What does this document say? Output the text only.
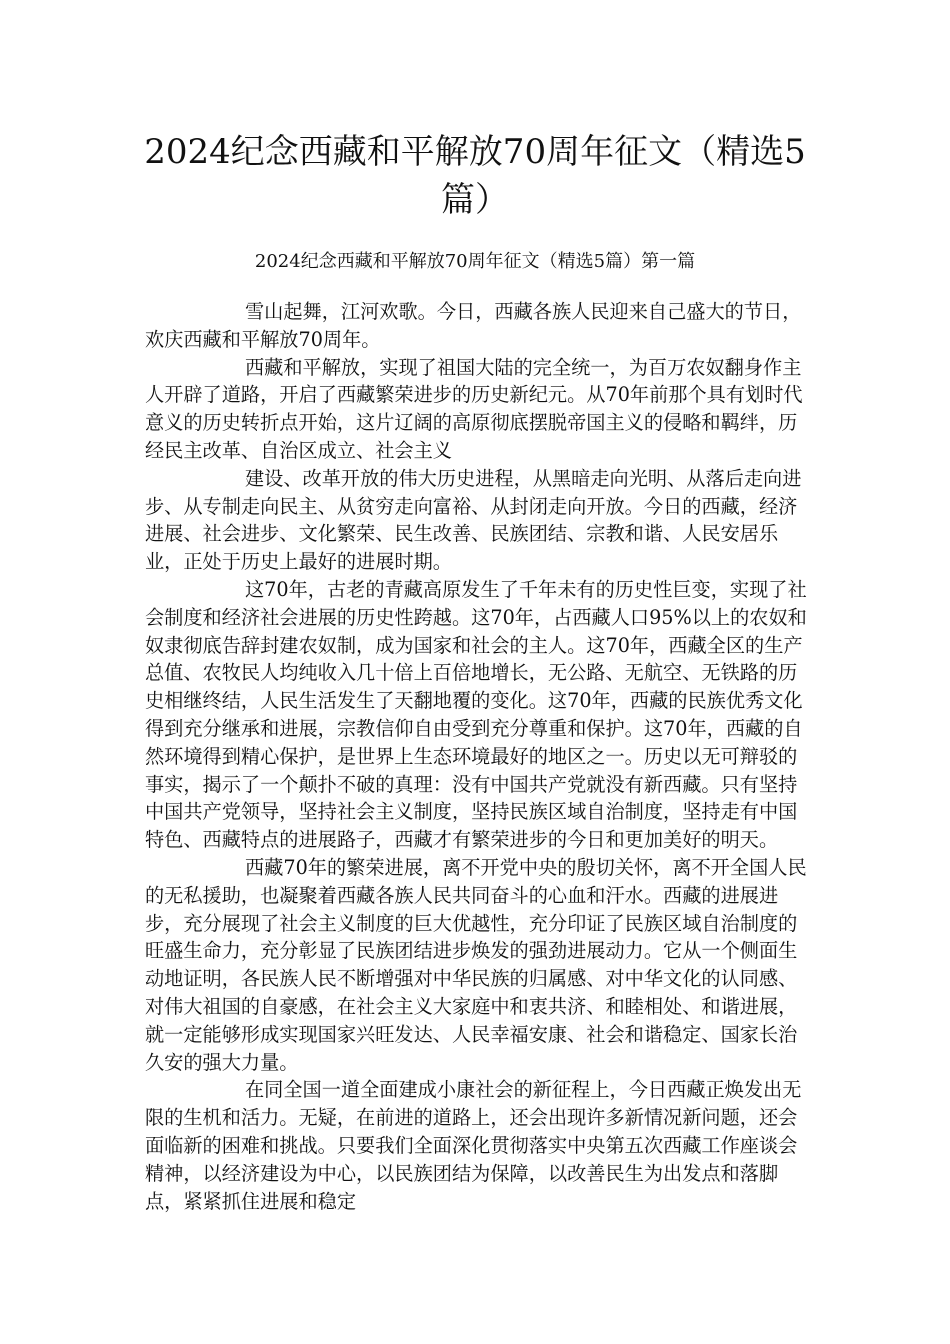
2024纪念西藏和平解放70周年征文（精选5篇）
2024纪念西藏和平解放70周年征文（精选5篇）第一篇

雪山起舞，江河欢歌。今日，西藏各族人民迎来自己盛大的节日，欢庆西藏和平解放70周年。

西藏和平解放，实现了祖国大陆的完全统一，为百万农奴翻身作主人开辟了道路，开启了西藏繁荣进步的历史新纪元。从70年前那个具有划时代意义的历史转折点开始，这片辽阔的高原彻底摆脱帝国主义的侵略和羁绊，历经民主改革、自治区成立、社会主义

建设、改革开放的伟大历史进程，从黑暗走向光明、从落后走向进步、从专制走向民主、从贫穷走向富裕、从封闭走向开放。今日的西藏，经济进展、社会进步、文化繁荣、民生改善、民族团结、宗教和谐、人民安居乐业，正处于历史上最好的进展时期。

这70年，古老的青藏高原发生了千年未有的历史性巨变，实现了社会制度和经济社会进展的历史性跨越。这70年，占西藏人口95%以上的农奴和奴隶彻底告辞封建农奴制，成为国家和社会的主人。这70年，西藏全区的生产总值、农牧民人均纯收入几十倍上百倍地增长，无公路、无航空、无铁路的历史相继终结，人民生活发生了天翻地覆的变化。这70年，西藏的民族优秀文化得到充分继承和进展，宗教信仰自由受到充分尊重和保护。这70年，西藏的自然环境得到精心保护，是世界上生态环境最好的地区之一。历史以无可辩驳的事实，揭示了一个颠扑不破的真理：没有中国共产党就没有新西藏。只有坚持中国共产党领导，坚持社会主义制度，坚持民族区域自治制度，坚持走有中国特色、西藏特点的进展路子，西藏才有繁荣进步的今日和更加美好的明天。

西藏70年的繁荣进展，离不开党中央的殷切关怀，离不开全国人民的无私援助，也凝聚着西藏各族人民共同奋斗的心血和汗水。西藏的进展进步，充分展现了社会主义制度的巨大优越性，充分印证了民族区域自治制度的旺盛生命力，充分彰显了民族团结进步焕发的强劲进展动力。它从一个侧面生动地证明，各民族人民不断增强对中华民族的归属感、对中华文化的认同感、对伟大祖国的自豪感，在社会主义大家庭中和衷共济、和睦相处、和谐进展，就一定能够形成实现国家兴旺发达、人民幸福安康、社会和谐稳定、国家长治久安的强大力量。

在同全国一道全面建成小康社会的新征程上，今日西藏正焕发出无限的生机和活力。无疑，在前进的道路上，还会出现许多新情况新问题，还会面临新的困难和挑战。只要我们全面深化贯彻落实中央第五次西藏工作座谈会精神，以经济建设为中心，以民族团结为保障，以改善民生为出发点和落脚点，紧紧抓住进展和稳定
